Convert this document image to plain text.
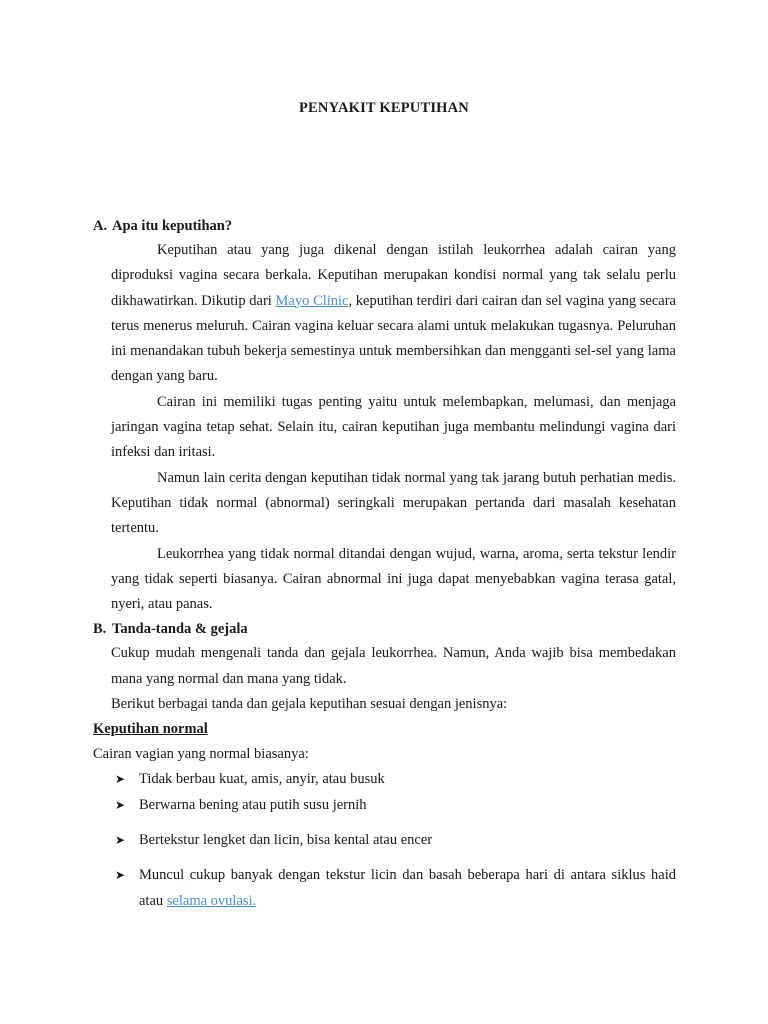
PENYAKIT KEPUTIHAN
A. Apa itu keputihan?

Keputihan atau yang juga dikenal dengan istilah leukorrhea adalah cairan yang diproduksi vagina secara berkala. Keputihan merupakan kondisi normal yang tak selalu perlu dikhawatirkan. Dikutip dari Mayo Clinic, keputihan terdiri dari cairan dan sel vagina yang secara terus menerus meluruh. Cairan vagina keluar secara alami untuk melakukan tugasnya. Peluruhan ini menandakan tubuh bekerja semestinya untuk membersihkan dan mengganti sel-sel yang lama dengan yang baru.

Cairan ini memiliki tugas penting yaitu untuk melembapkan, melumasi, dan menjaga jaringan vagina tetap sehat. Selain itu, cairan keputihan juga membantu melindungi vagina dari infeksi dan iritasi.

Namun lain cerita dengan keputihan tidak normal yang tak jarang butuh perhatian medis. Keputihan tidak normal (abnormal) seringkali merupakan pertanda dari masalah kesehatan tertentu.

Leukorrhea yang tidak normal ditandai dengan wujud, warna, aroma, serta tekstur lendir yang tidak seperti biasanya. Cairan abnormal ini juga dapat menyebabkan vagina terasa gatal, nyeri, atau panas.

B. Tanda-tanda & gejala

Cukup mudah mengenali tanda dan gejala leukorrhea. Namun, Anda wajib bisa membedakan mana yang normal dan mana yang tidak.

Berikut berbagai tanda dan gejala keputihan sesuai dengan jenisnya:

Keputihan normal
Cairan vagian yang normal biasanya:
➤ Tidak berbau kuat, amis, anyir, atau busuk
➤ Berwarna bening atau putih susu jernih
➤ Bertekstur lengket dan licin, bisa kental atau encer
➤ Muncul cukup banyak dengan tekstur licin dan basah beberapa hari di antara siklus haid atau selama ovulasi.
